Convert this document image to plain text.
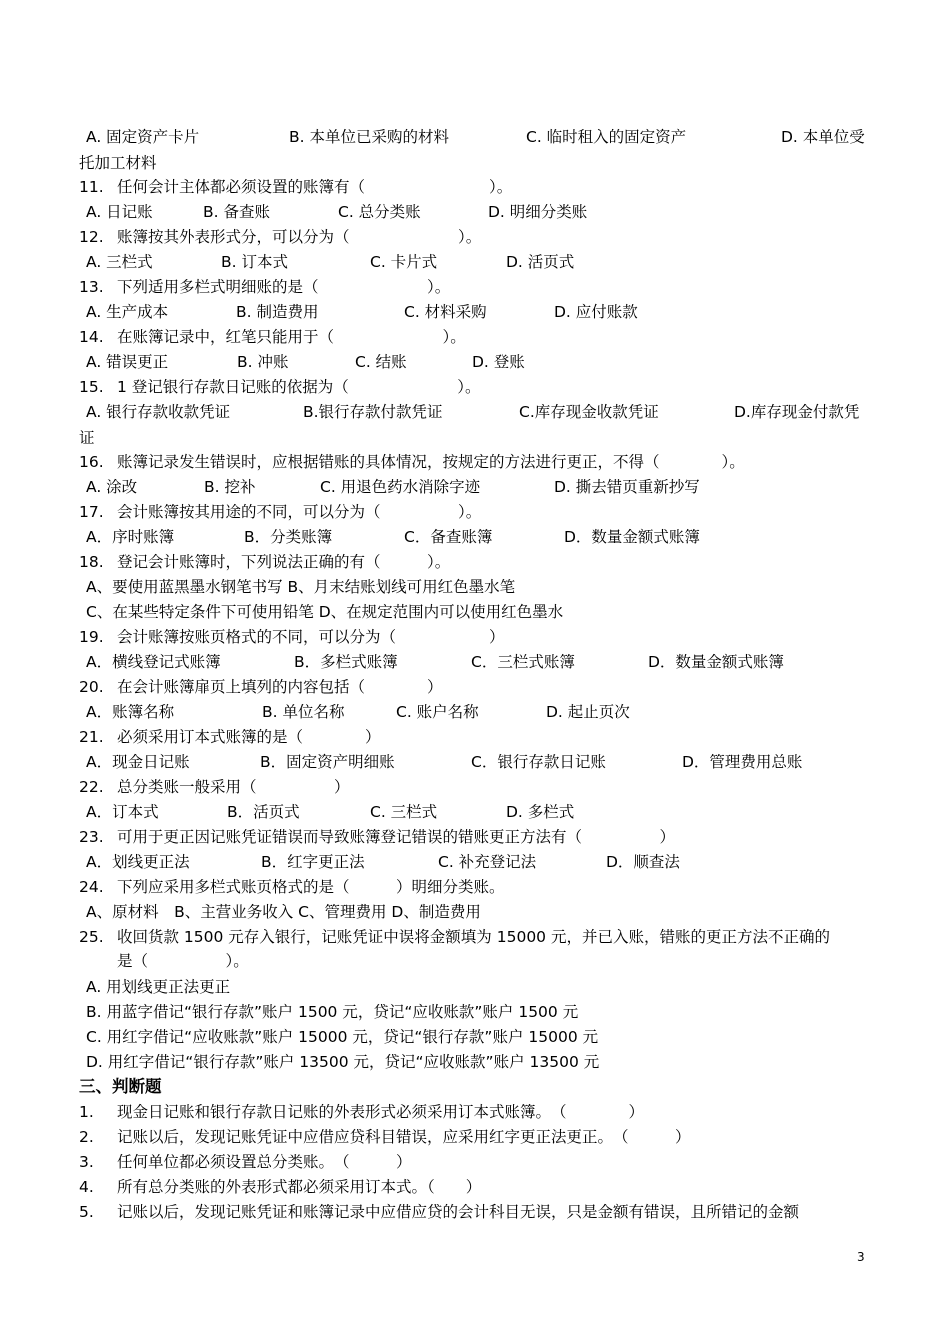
A. 固定资产卡片	B. 本单位已采购的材料	C. 临时租入的固定资产	D. 本单位受
托加工材料
11. 任何会计主体都必须设置的账簿有（　　　　　　　　）。
A. 日记账	B. 备查账	C. 总分类账	D. 明细分类账
12. 账簿按其外表形式分，可以分为（　　　　　　　）。
A. 三栏式	B. 订本式	C. 卡片式	D. 活页式
13. 下列适用多栏式明细账的是（　　　　　　　）。
A. 生产成本	B. 制造费用	C. 材料采购	D. 应付账款
14. 在账簿记录中，红笔只能用于（　　　　　　　）。
A. 错误更正	B. 冲账	C. 结账	D. 登账
15. 1 登记银行存款日记账的依据为（　　　　　　　）。
A. 银行存款收款凭证	B.银行存款付款凭证	C.库存现金收款凭证	D.库存现金付款凭
证
16. 账簿记录发生错误时，应根据错账的具体情况，按规定的方法进行更正，不得（　　　　）。
A. 涂改	B. 挖补	C. 用退色药水消除字迹	D. 撕去错页重新抄写
17. 会计账簿按其用途的不同，可以分为（　　　　　）。
A．序时账簿	B．分类账簿	C．备查账簿	D．数量金额式账簿
18. 登记会计账簿时，下列说法正确的有（　　　）。
A、要使用蓝黑墨水钢笔书写 B、月末结账划线可用红色墨水笔
C、在某些特定条件下可使用铅笔 D、在规定范围内可以使用红色墨水
19. 会计账簿按账页格式的不同，可以分为（　　　　　　）
A．横线登记式账簿	B．多栏式账簿	C．三栏式账簿	D．数量金额式账簿
20. 在会计账簿扉页上填列的内容包括（　　　　）
A．账簿名称	B. 单位名称	C. 账户名称	D. 起止页次
21. 必须采用订本式账簿的是（　　　　）
A．现金日记账	B．固定资产明细账	C．银行存款日记账	D．管理费用总账
22. 总分类账一般采用（　　　　　）
A．订本式	B．活页式	C. 三栏式	D. 多栏式
23. 可用于更正因记账凭证错误而导致账簿登记错误的错账更正方法有（　　　　　）
A．划线更正法	B．红字更正法	C. 补充登记法	D．顺查法
24. 下列应采用多栏式账页格式的是（　　　）明细分类账。
A、原材料　B、主营业务收入 C、管理费用 D、制造费用
25. 收回货款 1500 元存入银行，记账凭证中误将金额填为 15000 元，并已入账，错账的更正方法不正确的
是（　　　　　）。
A. 用划线更正法更正
B. 用蓝字借记“银行存款”账户 1500 元，贷记“应收账款”账户 1500 元
C. 用红字借记“应收账款”账户 15000 元，贷记“银行存款”账户 15000 元
D. 用红字借记“银行存款”账户 13500 元，贷记“应收账款”账户 13500 元
三、判断题
1. 现金日记账和银行存款日记账的外表形式必须采用订本式账簿。　（　　　　）
2. 记账以后，发现记账凭证中应借应贷科目错误，应采用红字更正法更正。　（　　　）
3. 任何单位都必须设置总分类账。　（　　　）
4. 所有总分类账的外表形式都必须采用订本式。（　　）
5. 记账以后，发现记账凭证和账簿记录中应借应贷的会计科目无误，只是金额有错误，且所错记的金额
3
